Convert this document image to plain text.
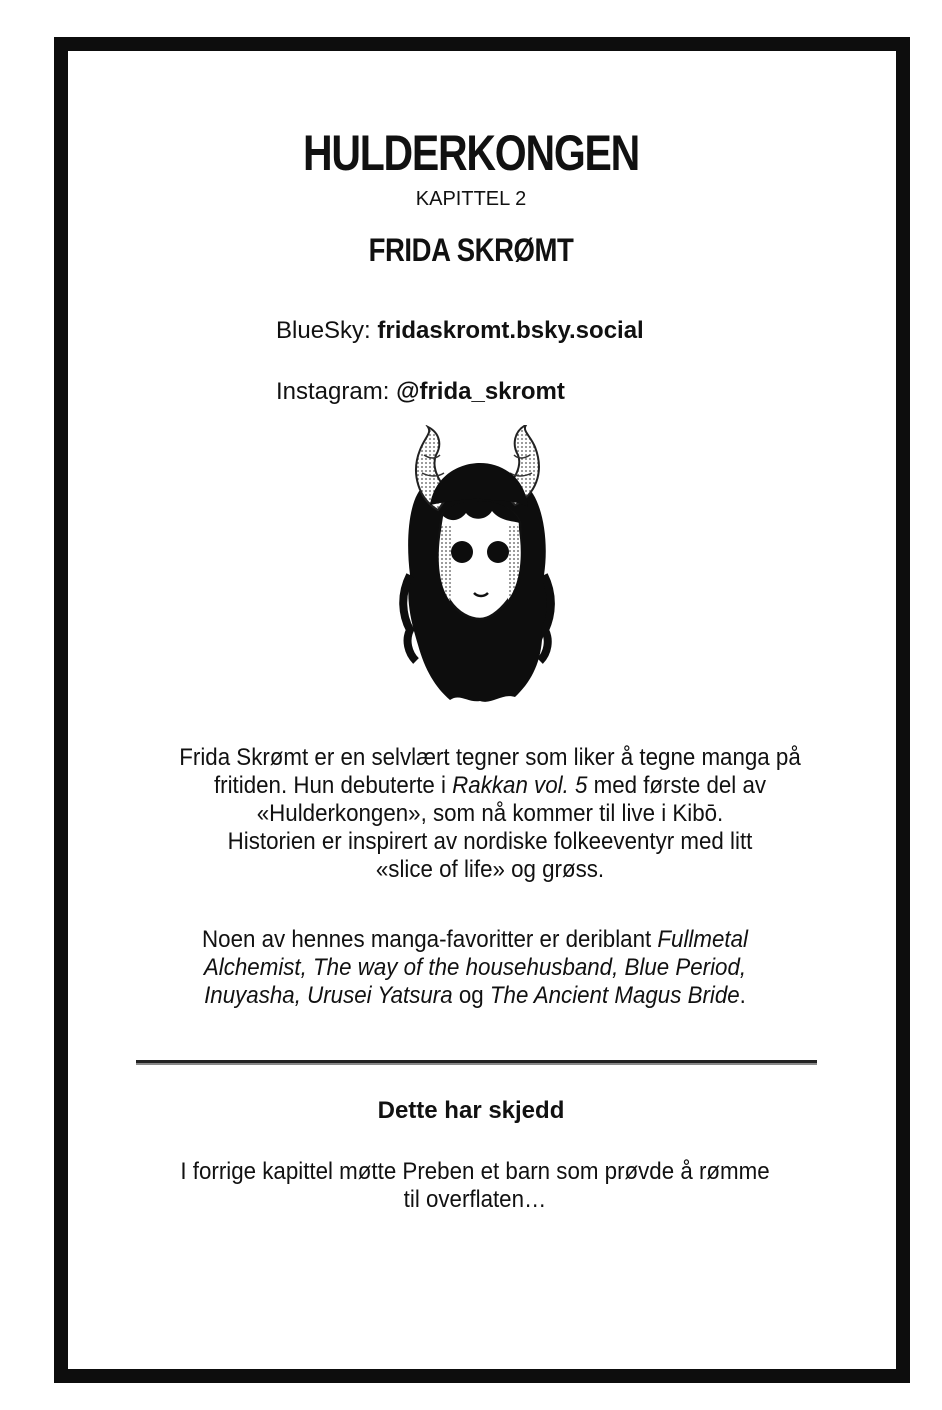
HULDERKONGEN
KAPITTEL 2
FRIDA SKRØMT
BlueSky: fridaskromt.bsky.social
Instagram: @frida_skromt

Frida Skrømt er en selvlært tegner som liker å tegne manga på

fritiden. Hun debuterte i Rakkan vol. 5 med første del av

«Hulderkongen», som nå kommer til live i Kibō.

Historien er inspirert av nordiske folkeeventyr med litt

«slice of life» og grøss.

Noen av hennes manga-favoritter er deriblant Fullmetal

Alchemist, The way of the househusband, Blue Period,

Inuyasha, Urusei Yatsura og The Ancient Magus Bride.

Dette har skjedd

I forrige kapittel møtte Preben et barn som prøvde å rømme

til overflaten…
